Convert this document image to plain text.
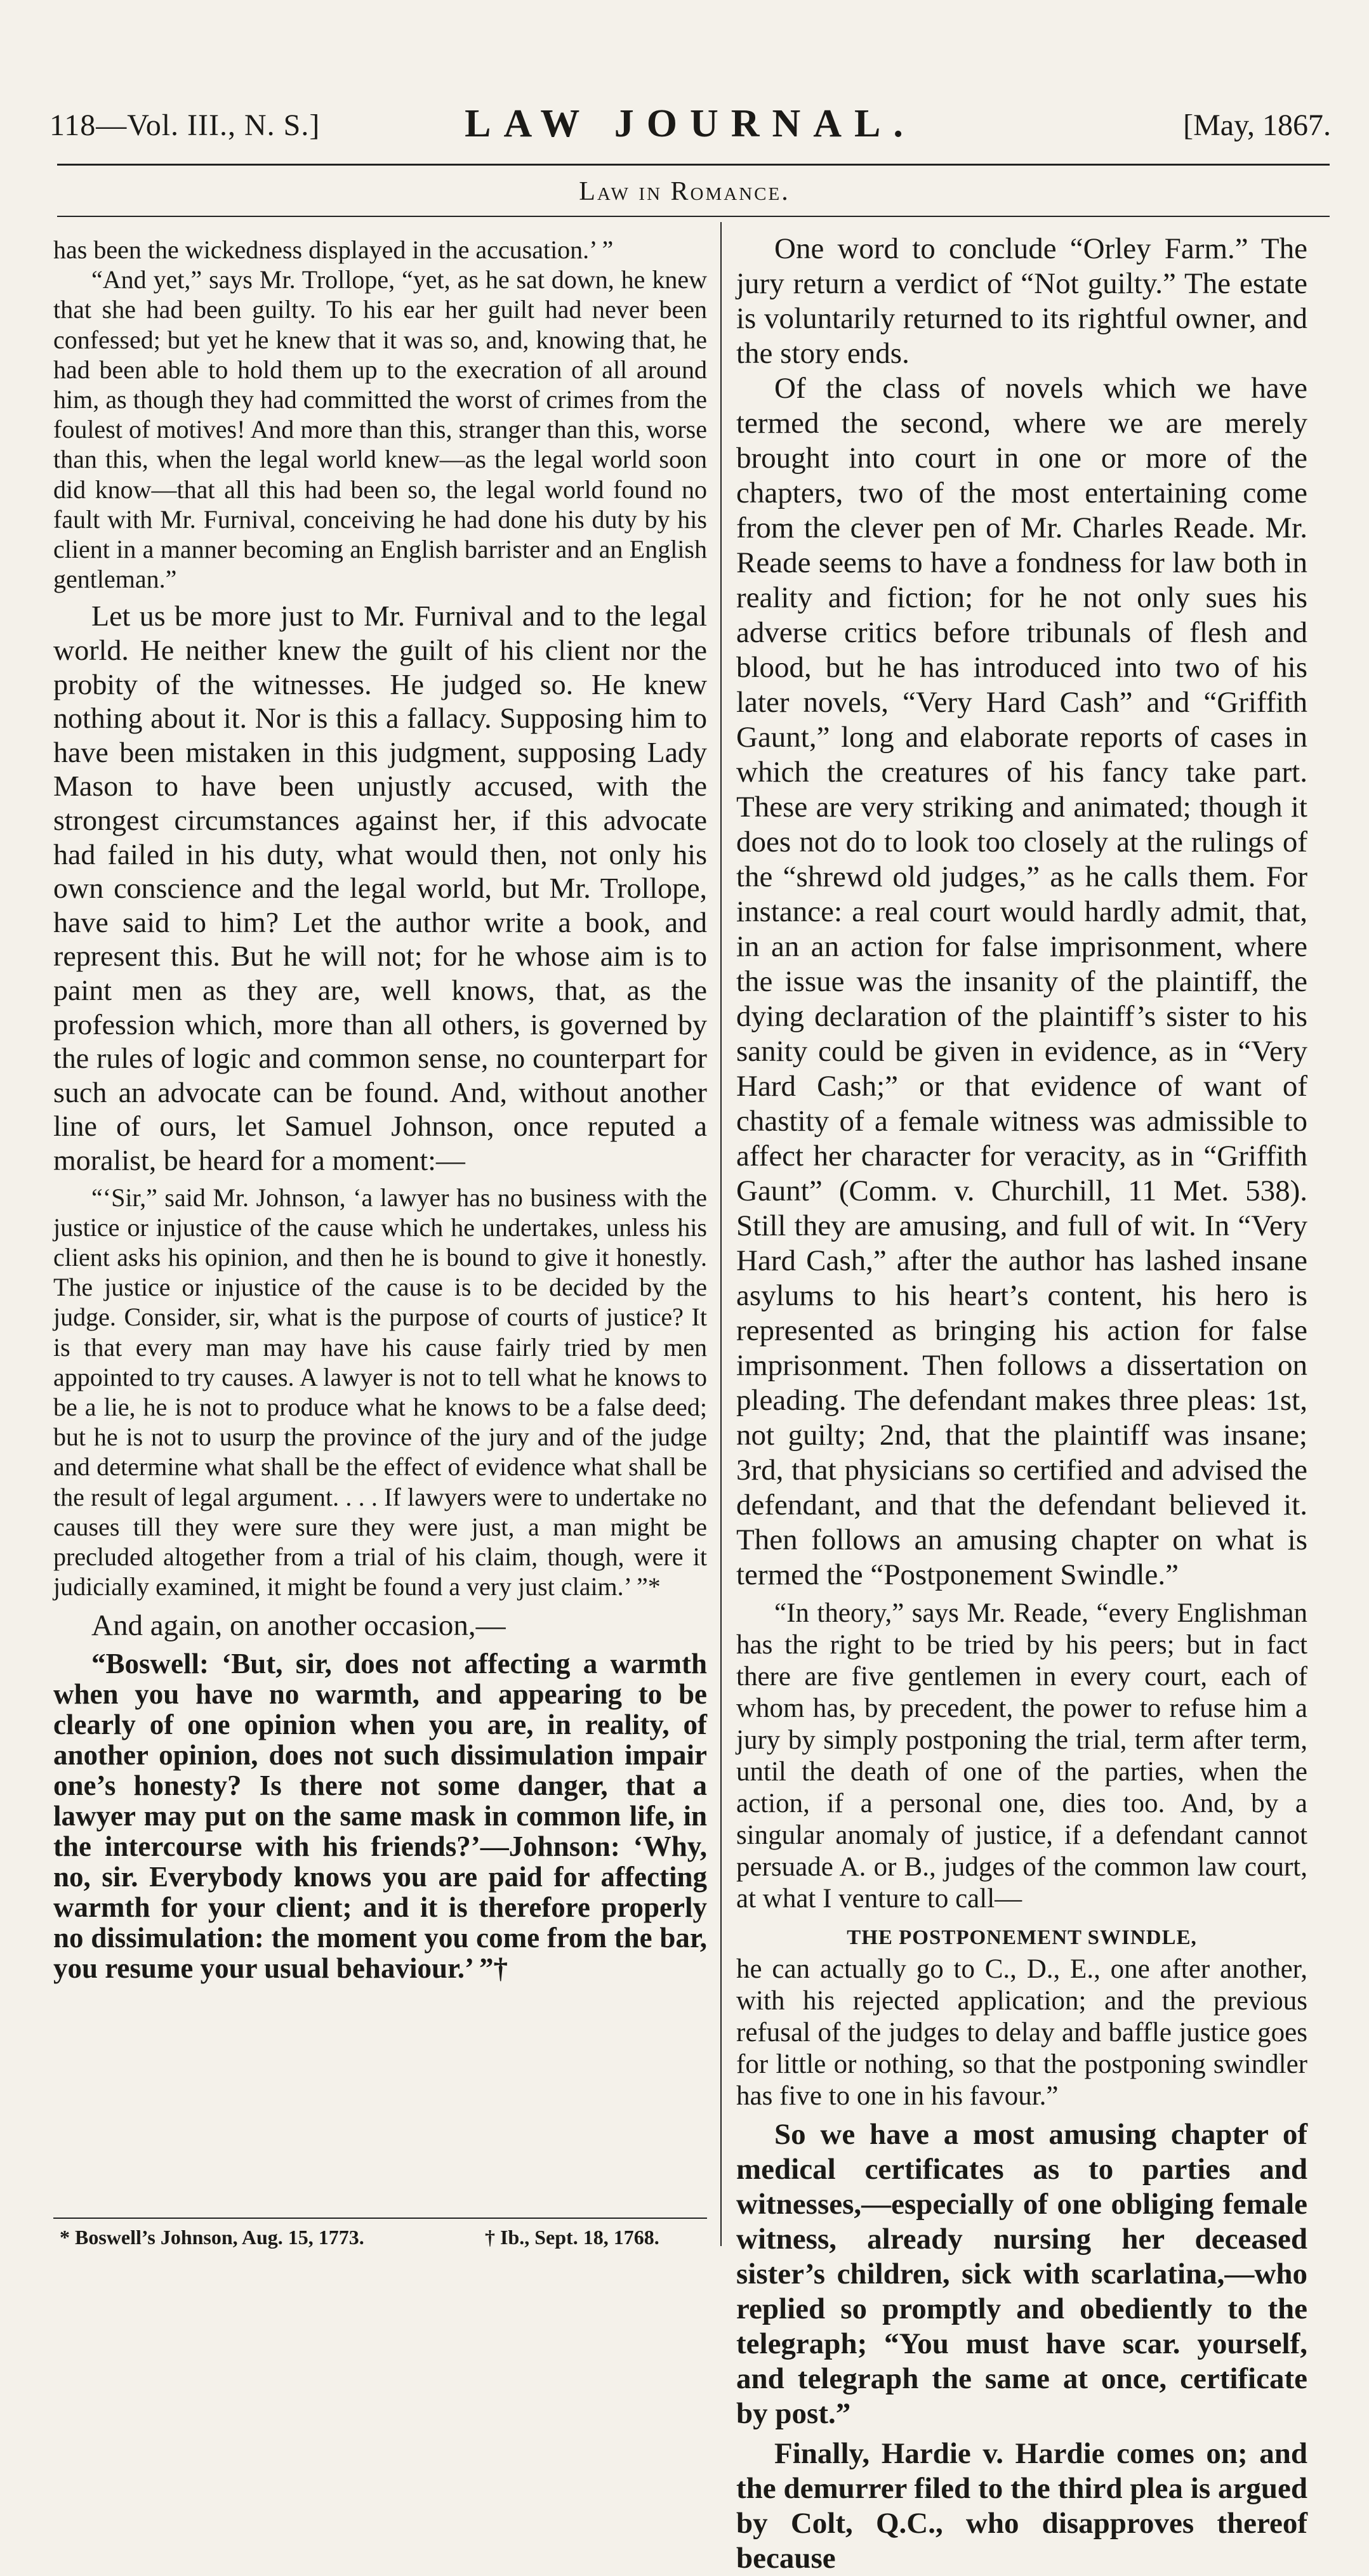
118—Vol. III., N. S.]	LAW JOURNAL.	[May, 1867.
Law in Romance.

has been the wickedness displayed in the accusation.’ ”

“And yet,” says Mr. Trollope, “yet, as he sat down, he knew that she had been guilty. To his ear her guilt had never been confessed; but yet he knew that it was so, and, knowing that, he had been able to hold them up to the execration of all around him, as though they had committed the worst of crimes from the foulest of motives! And more than this, stranger than this, worse than this, when the legal world knew—as the legal world soon did know—that all this had been so, the legal world found no fault with Mr. Furnival, conceiving he had done his duty by his client in a manner becoming an English barrister and an English gentleman.”

Let us be more just to Mr. Furnival and to the legal world. He neither knew the guilt of his client nor the probity of the witnesses. He judged so. He knew nothing about it. Nor is this a fallacy. Supposing him to have been mistaken in this judgment, supposing Lady Mason to have been unjustly accused, with the strongest circumstances against her, if this advocate had failed in his duty, what would then, not only his own conscience and the legal world, but Mr. Trollope, have said to him? Let the author write a book, and represent this. But he will not; for he whose aim is to paint men as they are, well knows, that, as the profession which, more than all others, is governed by the rules of logic and common sense, no counterpart for such an advocate can be found. And, without another line of ours, let Samuel Johnson, once reputed a moralist, be heard for a moment:—

“‘Sir,” said Mr. Johnson, ‘a lawyer has no business with the justice or injustice of the cause which he undertakes, unless his client asks his opinion, and then he is bound to give it honestly. The justice or injustice of the cause is to be decided by the judge. Consider, sir, what is the purpose of courts of justice? It is that every man may have his cause fairly tried by men appointed to try causes. A lawyer is not to tell what he knows to be a lie, he is not to produce what he knows to be a false deed; but he is not to usurp the province of the jury and of the judge and determine what shall be the effect of evidence what shall be the result of legal argument. . . . If lawyers were to undertake no causes till they were sure they were just, a man might be precluded altogether from a trial of his claim, though, were it judicially examined, it might be found a very just claim.’ ”*

And again, on another occasion,—

“Boswell: ‘But, sir, does not affecting a warmth when you have no warmth, and appearing to be clearly of one opinion when you are, in reality, of another opinion, does not such dissimulation impair one’s honesty? Is there not some danger, that a lawyer may put on the same mask in common life, in the intercourse with his friends?’—Johnson: ‘Why, no, sir. Everybody knows you are paid for affecting warmth for your client; and it is therefore properly no dissimulation: the moment you come from the bar, you resume your usual behaviour.’ ”†

* Boswell’s Johnson, Aug. 15, 1773.	† Ib., Sept. 18, 1768.

One word to conclude “Orley Farm.” The jury return a verdict of “Not guilty.” The estate is voluntarily returned to its rightful owner, and the story ends.

Of the class of novels which we have termed the second, where we are merely brought into court in one or more of the chapters, two of the most entertaining come from the clever pen of Mr. Charles Reade. Mr. Reade seems to have a fondness for law both in reality and fiction; for he not only sues his adverse critics before tribunals of flesh and blood, but he has introduced into two of his later novels, “Very Hard Cash” and “Griffith Gaunt,” long and elaborate reports of cases in which the creatures of his fancy take part. These are very striking and animated; though it does not do to look too closely at the rulings of the “shrewd old judges,” as he calls them. For instance: a real court would hardly admit, that, in an an action for false imprisonment, where the issue was the insanity of the plaintiff, the dying declaration of the plaintiff’s sister to his sanity could be given in evidence, as in “Very Hard Cash;” or that evidence of want of chastity of a female witness was admissible to affect her character for veracity, as in “Griffith Gaunt” (Comm. v. Churchill, 11 Met. 538). Still they are amusing, and full of wit. In “Very Hard Cash,” after the author has lashed insane asylums to his heart’s content, his hero is represented as bringing his action for false imprisonment. Then follows a dissertation on pleading. The defendant makes three pleas: 1st, not guilty; 2nd, that the plaintiff was insane; 3rd, that physicians so certified and advised the defendant, and that the defendant believed it. Then follows an amusing chapter on what is termed the “Postponement Swindle.”

“In theory,” says Mr. Reade, “every Englishman has the right to be tried by his peers; but in fact there are five gentlemen in every court, each of whom has, by precedent, the power to refuse him a jury by simply postponing the trial, term after term, until the death of one of the parties, when the action, if a personal one, dies too. And, by a singular anomaly of justice, if a defendant cannot persuade A. or B., judges of the common law court, at what I venture to call—

THE POSTPONEMENT SWINDLE,

he can actually go to C., D., E., one after another, with his rejected application; and the previous refusal of the judges to delay and baffle justice goes for little or nothing, so that the postponing swindler has five to one in his favour.”

So we have a most amusing chapter of medical certificates as to parties and witnesses,—especially of one obliging female witness, already nursing her deceased sister’s children, sick with scarlatina,—who replied so promptly and obediently to the telegraph; “You must have scar. yourself, and telegraph the same at once, certificate by post.”

Finally, Hardie v. Hardie comes on; and the demurrer filed to the third plea is argued by Colt, Q.C., who disapproves thereof because
